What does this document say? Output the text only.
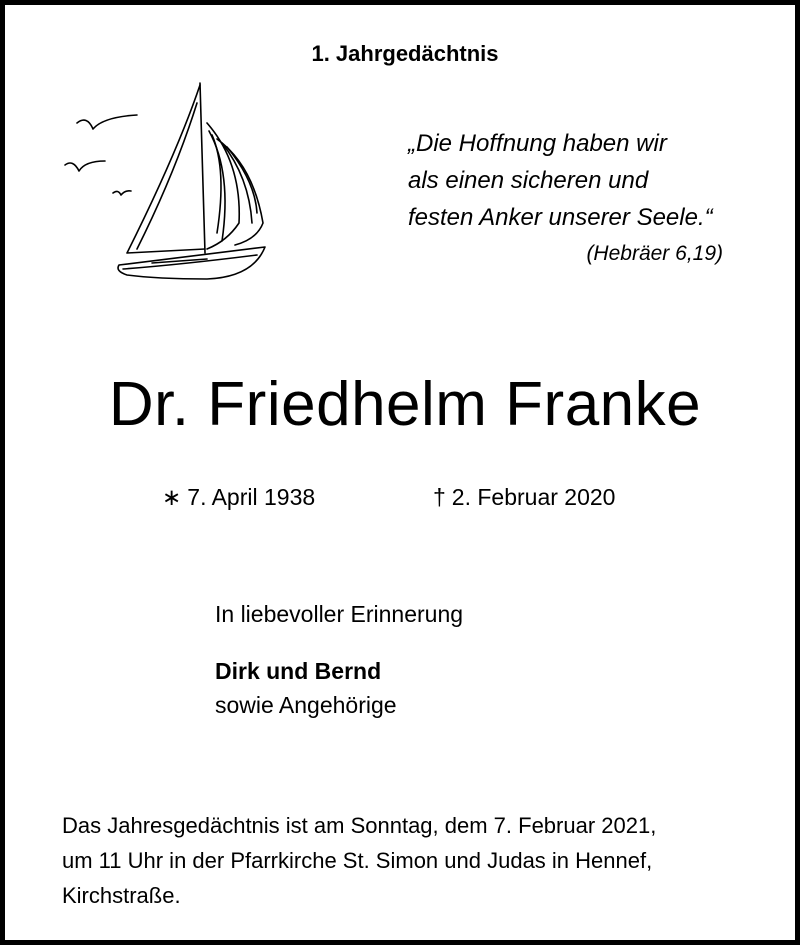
1. Jahrgedächtnis
„Die Hoffnung haben wir
als einen sicheren und
festen Anker unserer Seele.“
(Hebräer 6,19)
Dr. Friedhelm Franke
∗ 7. April 1938	† 2. Februar 2020
In liebevoller Erinnerung
Dirk und Bernd
sowie Angehörige
Das Jahresgedächtnis ist am Sonntag, dem 7. Februar 2021,
um 11 Uhr in der Pfarrkirche St. Simon und Judas in Hennef,
Kirchstraße.
